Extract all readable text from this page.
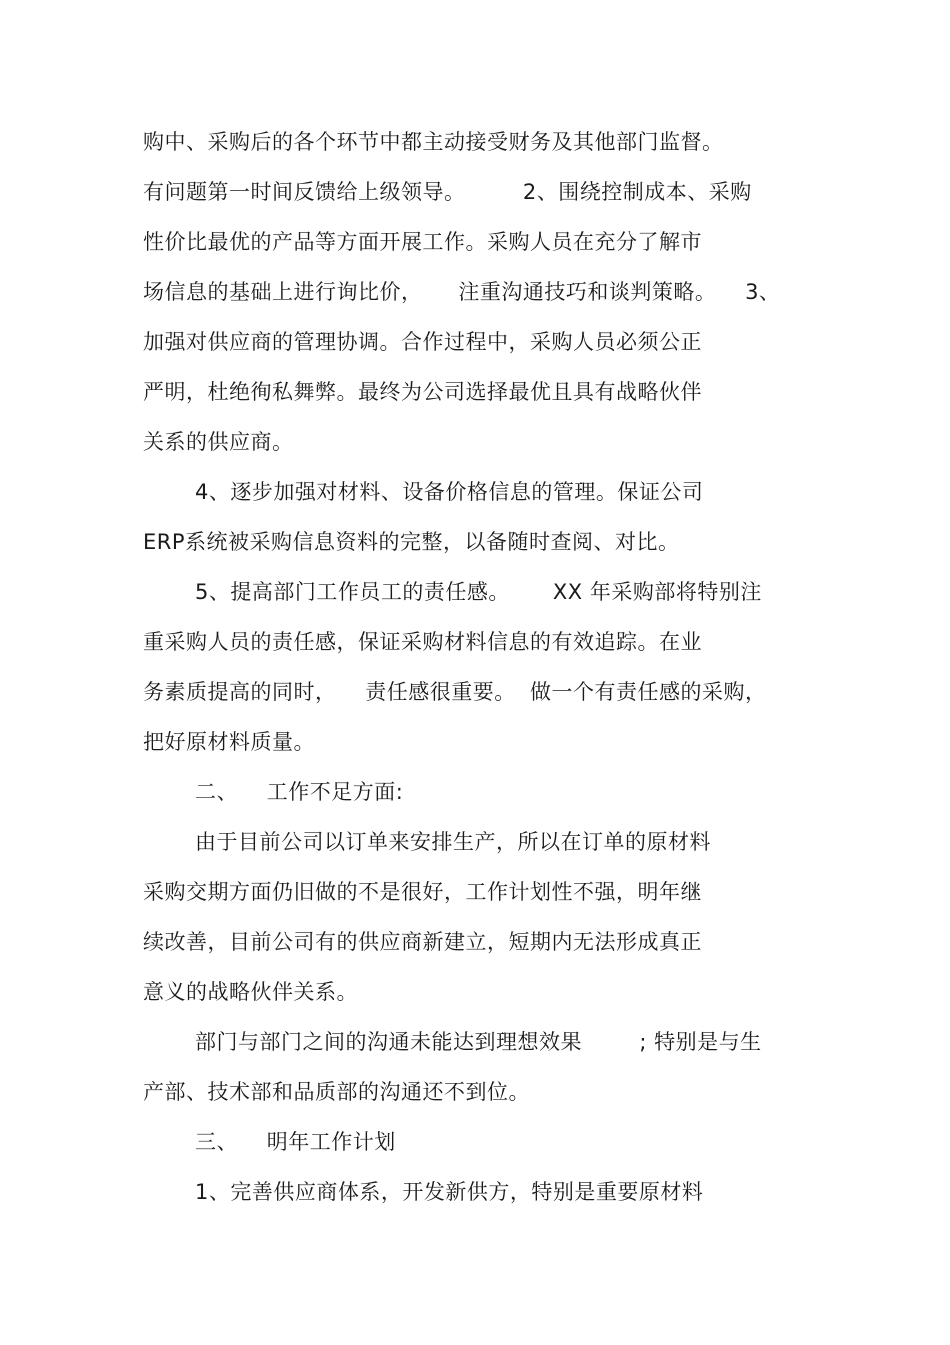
购中、采购后的各个环节中都主动接受财务及其他部门监督。
有问题第一时间反馈给上级领导。        2、围绕控制成本、采购
性价比最优的产品等方面开展工作。采购人员在充分了解市
场信息的基础上进行询比价，     注重沟通技巧和谈判策略。    3、
加强对供应商的管理协调。合作过程中，采购人员必须公正
严明，杜绝徇私舞弊。最终为公司选择最优且具有战略伙伴
关系的供应商。
4、逐步加强对材料、设备价格信息的管理。保证公司
ERP系统被采购信息资料的完整，以备随时查阅、对比。
5、提高部门工作员工的责任感。      XX 年采购部将特别注
重采购人员的责任感，保证采购材料信息的有效追踪。在业
务素质提高的同时，    责任感很重要。  做一个有责任感的采购，
把好原材料质量。
二、    工作不足方面:
由于目前公司以订单来安排生产，所以在订单的原材料
采购交期方面仍旧做的不是很好，工作计划性不强，明年继
续改善，目前公司有的供应商新建立，短期内无法形成真正
意义的战略伙伴关系。
部门与部门之间的沟通未能达到理想效果        ; 特别是与生
产部、技术部和品质部的沟通还不到位。
三、    明年工作计划
1、完善供应商体系，开发新供方，特别是重要原材料
